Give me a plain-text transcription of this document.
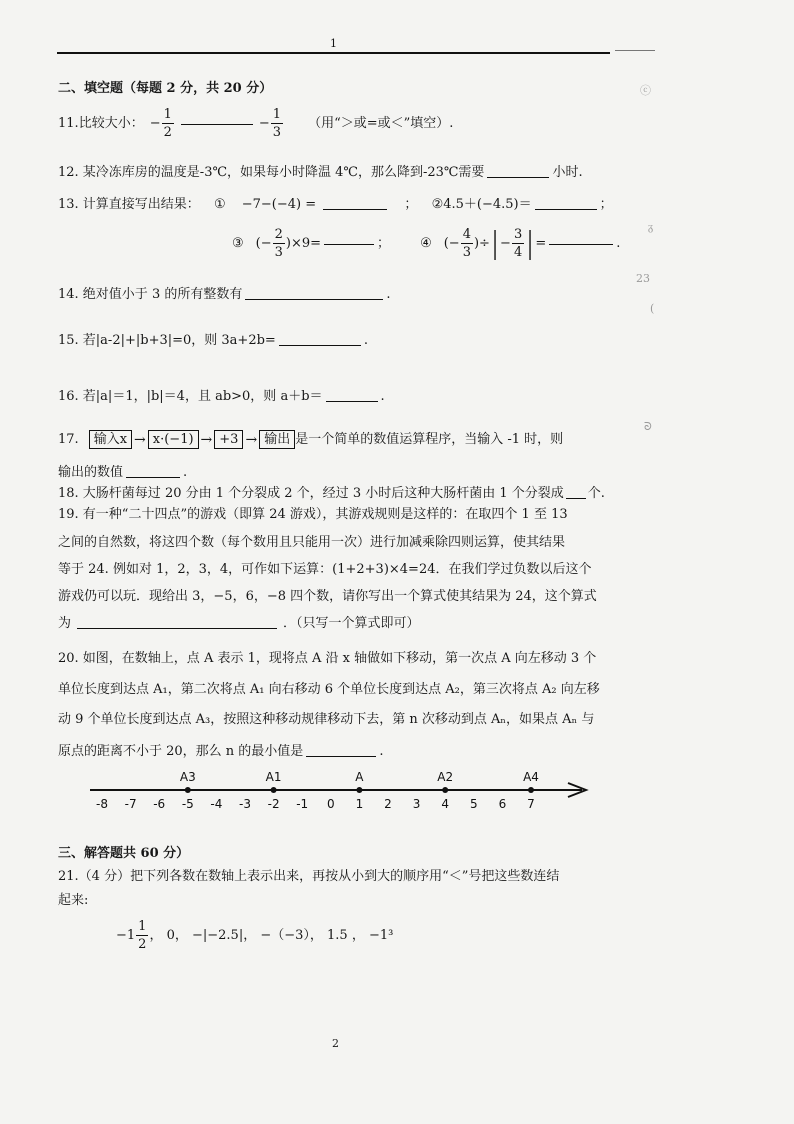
1
ⓒ
ᵹ
23
(
ᘐ
二、填空题（每题 2 分，共 20 分）
11. 比较大小： − $\frac{1}{2}$	− $\frac{1}{3}$ （用“＞或=或＜”填空）.
12. 某冷冻库房的温度是-3℃，如果每小时降温 4℃，那么降到-23℃需要	小时.
13. 计算直接写出结果： ① −7−(−4) =	； ②4.5＋(−4.5)＝	；
③ (− $\frac{2}{3} )\times 9=$	； ④ (− $\frac{4}{3}$ )÷ | − $\frac{3}{4}$ | =	.
14. 绝对值小于 3 的所有整数有	.
15. 若|a-2|+|b+3|=0，则 3a+2b=	.
16. 若|a|＝1，|b|＝4，且 ab>0，则 a＋b＝	.
17.	输入x → x·(−1) → +3 → 输出 是一个简单的数值运算程序，当输入 -1 时，则
输出的数值	.
18. 大肠杆菌每过 20 分由 1 个分裂成 2 个，经过 3 小时后这种大肠杆菌由 1 个分裂成 个.
19. 有一种“二十四点”的游戏（即算 24 游戏），其游戏规则是这样的：在取四个 1 至 13
之间的自然数，将这四个数（每个数用且只能用一次）进行加减乘除四则运算，使其结果
等于 24. 例如对 1，2，3，4，可作如下运算：(1+2+3)×4=24．在我们学过负数以后这个
游戏仍可以玩．现给出 3，−5，6，−8 四个数，请你写出一个算式使其结果为 24，这个算式
为	．（只写一个算式即可）
20. 如图，在数轴上，点 A 表示 1，现将点 A 沿 x 轴做如下移动，第一次点 A 向左移动 3 个
单位长度到达点 A₁，第二次将点 A₁ 向右移动 6 个单位长度到达点 A₂，第三次将点 A₂ 向左移
动 9 个单位长度到达点 A₃，按照这种移动规律移动下去，第 n 次移动到点 Aₙ，如果点 Aₙ 与
原点的距离不小于 20，那么 n 的最小值是	.
-8 -7 -6 -5 -4 -3 -2 -1 0 1 2 3 4 5 6 7
A3	A1	A	A2	A4
三、解答题共 60 分）
21.（4 分）把下列各数在数轴上表示出来，再按从小到大的顺序用“＜”号把这些数连结
起来:
$-1 \frac{1}{2}$ ， 0， −|−2.5|， −（−3）， 1.5 ， −1³
2
